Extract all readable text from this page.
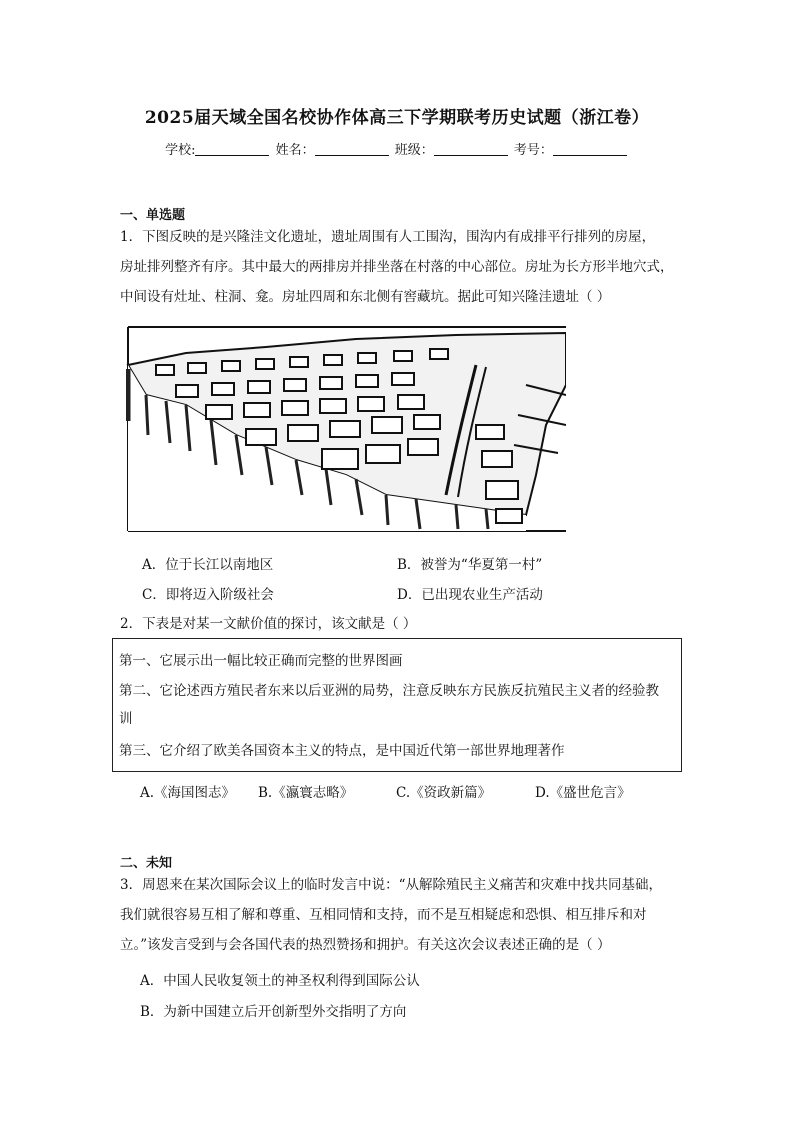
2025届天域全国名校协作体高三下学期联考历史试题（浙江卷）
学校:	姓名：	班级：	考号：
一、单选题
1．下图反映的是兴隆洼文化遗址，遗址周围有人工围沟，围沟内有成排平行排列的房屋，
房址排列整齐有序。其中最大的两排房并排坐落在村落的中心部位。房址为长方形半地穴式，
中间设有灶址、柱洞、龛。房址四周和东北侧有窖藏坑。据此可知兴隆洼遗址（ ）
A．位于长江以南地区	B．被誉为“华夏第一村”
C．即将迈入阶级社会	D．已出现农业生产活动
2．下表是对某一文献价值的探讨，该文献是（ ）
第一、它展示出一幅比较正确而完整的世界图画
第二、它论述西方殖民者东来以后亚洲的局势，注意反映东方民族反抗殖民主义者的经验教
训
第三、它介绍了欧美各国资本主义的特点，是中国近代第一部世界地理著作
A.《海国图志》 B.《瀛寰志略》	C.《资政新篇》	D.《盛世危言》
二、未知
3．周恩来在某次国际会议上的临时发言中说：“从解除殖民主义痛苦和灾难中找共同基础，
我们就很容易互相了解和尊重、互相同情和支持，而不是互相疑虑和恐惧、相互排斥和对
立。”该发言受到与会各国代表的热烈赞扬和拥护。有关这次会议表述正确的是（ ）
A．中国人民收复领土的神圣权利得到国际公认
B．为新中国建立后开创新型外交指明了方向
